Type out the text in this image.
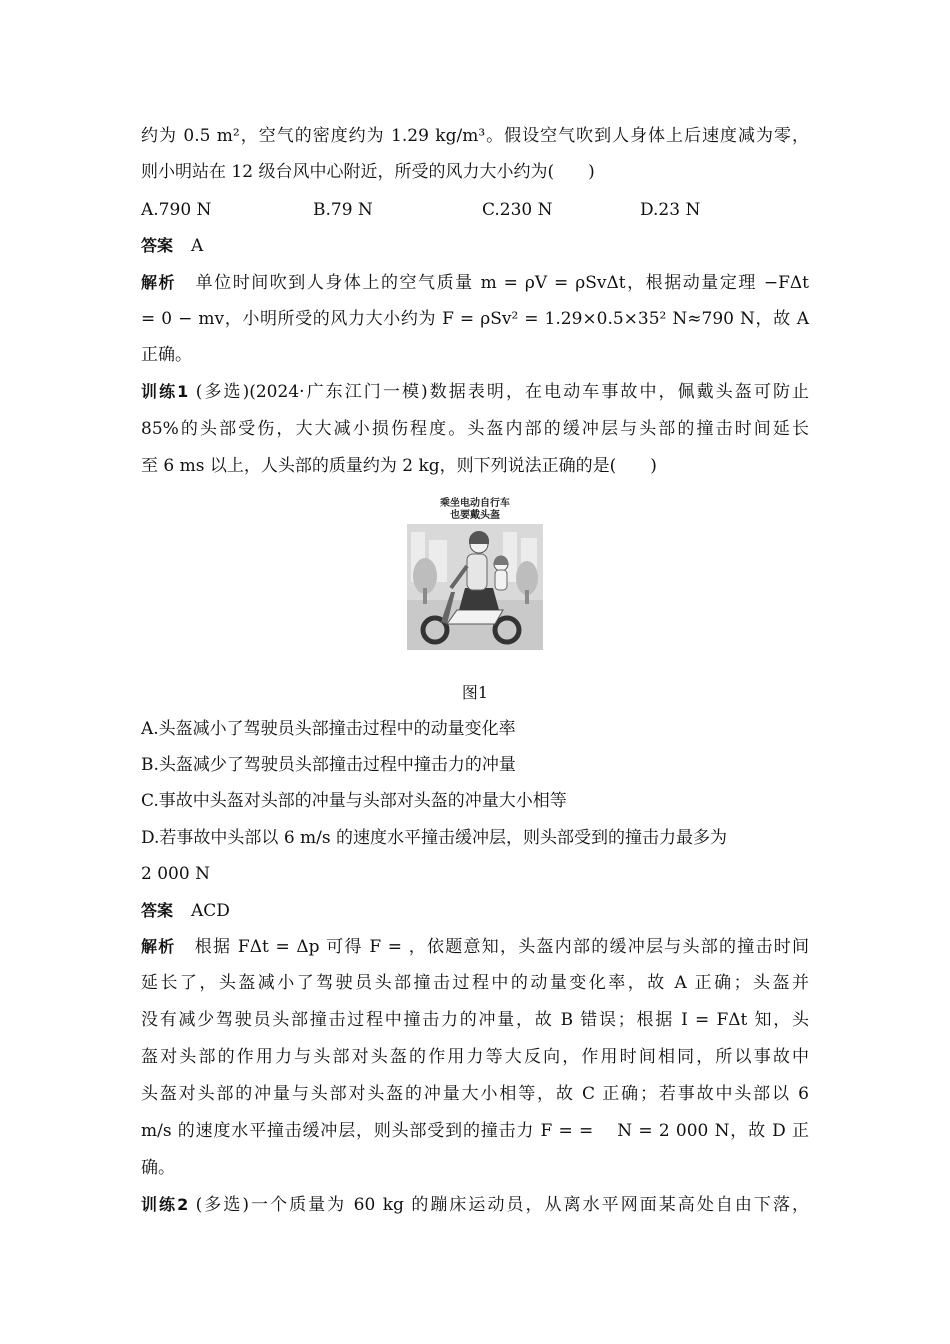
约为 0.5 m²，空气的密度约为 1.29 kg/m³。假设空气吹到人身体上后速度减为零，
则小明站在 12 级台风中心附近，所受的风力大小约为(　　)
A.790 N	B.79 N	C.230 N	D.23 N
答案 A
解析 单位时间吹到人身体上的空气质量 m = ρV = ρSvΔt，根据动量定理 −FΔt
= 0 − mv，小明所受的风力大小约为 F = ρSv² = 1.29×0.5×35² N≈790 N，故 A
正确。
训练1 (多选)(2024·广东江门一模)数据表明，在电动车事故中，佩戴头盔可防止
85%的头部受伤，大大减小损伤程度。头盔内部的缓冲层与头部的撞击时间延长
至 6 ms 以上，人头部的质量约为 2 kg，则下列说法正确的是(　　)
乘坐电动自行车
也要戴头盔
图1
A.头盔减小了驾驶员头部撞击过程中的动量变化率
B.头盔减少了驾驶员头部撞击过程中撞击力的冲量
C.事故中头盔对头部的冲量与头部对头盔的冲量大小相等
D.若事故中头部以 6 m/s 的速度水平撞击缓冲层，则头部受到的撞击力最多为
2 000 N
答案 ACD
解析 根据 FΔt = Δp 可得 F = ，依题意知，头盔内部的缓冲层与头部的撞击时间
延长了，头盔减小了驾驶员头部撞击过程中的动量变化率，故 A 正确；头盔并
没有减少驾驶员头部撞击过程中撞击力的冲量，故 B 错误；根据 I = FΔt 知，头
盔对头部的作用力与头部对头盔的作用力等大反向，作用时间相同，所以事故中
头盔对头部的冲量与头部对头盔的冲量大小相等，故 C 正确；若事故中头部以 6
m/s 的速度水平撞击缓冲层，则头部受到的撞击力 F = = 　N = 2 000 N，故 D 正
确。
训练2 (多选)一个质量为 60 kg 的蹦床运动员，从离水平网面某高处自由下落，
